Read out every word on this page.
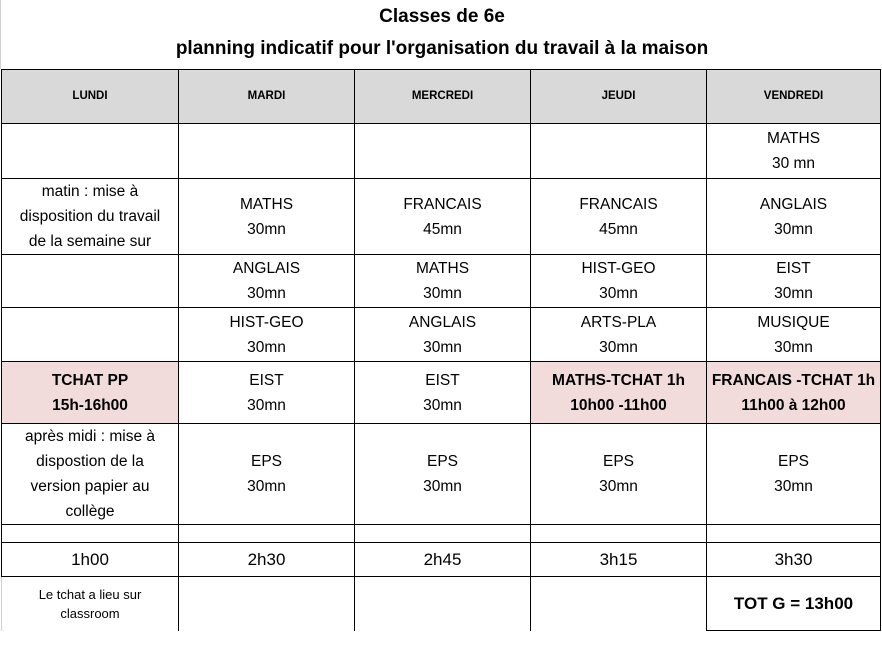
Classes de 6e
planning indicatif pour l'organisation du travail à la maison
LUNDI	MARDI	MERCREDI	JEUDI	VENDREDI

				MATHS
30 mn

matin : mise à
disposition du travail
de la semaine sur	MATHS
30mn	FRANCAIS
45mn	FRANCAIS
45mn	ANGLAIS
30mn

	ANGLAIS
30mn	MATHS
30mn	HIST-GEO
30mn	EIST
30mn

	HIST-GEO
30mn	ANGLAIS
30mn	ARTS-PLA
30mn	MUSIQUE
30mn

TCHAT PP
15h-16h00	EIST
30mn	EIST
30mn	MATHS-TCHAT 1h
10h00 -11h00	FRANCAIS -TCHAT 1h
11h00 à 12h00

après midi : mise à
dispostion de la
version papier au
collège	EPS
30mn	EPS
30mn	EPS
30mn	EPS
30mn

1h00	2h30	2h45	3h15	3h30

Le tchat a lieu sur
classroom				TOT G = 13h00
